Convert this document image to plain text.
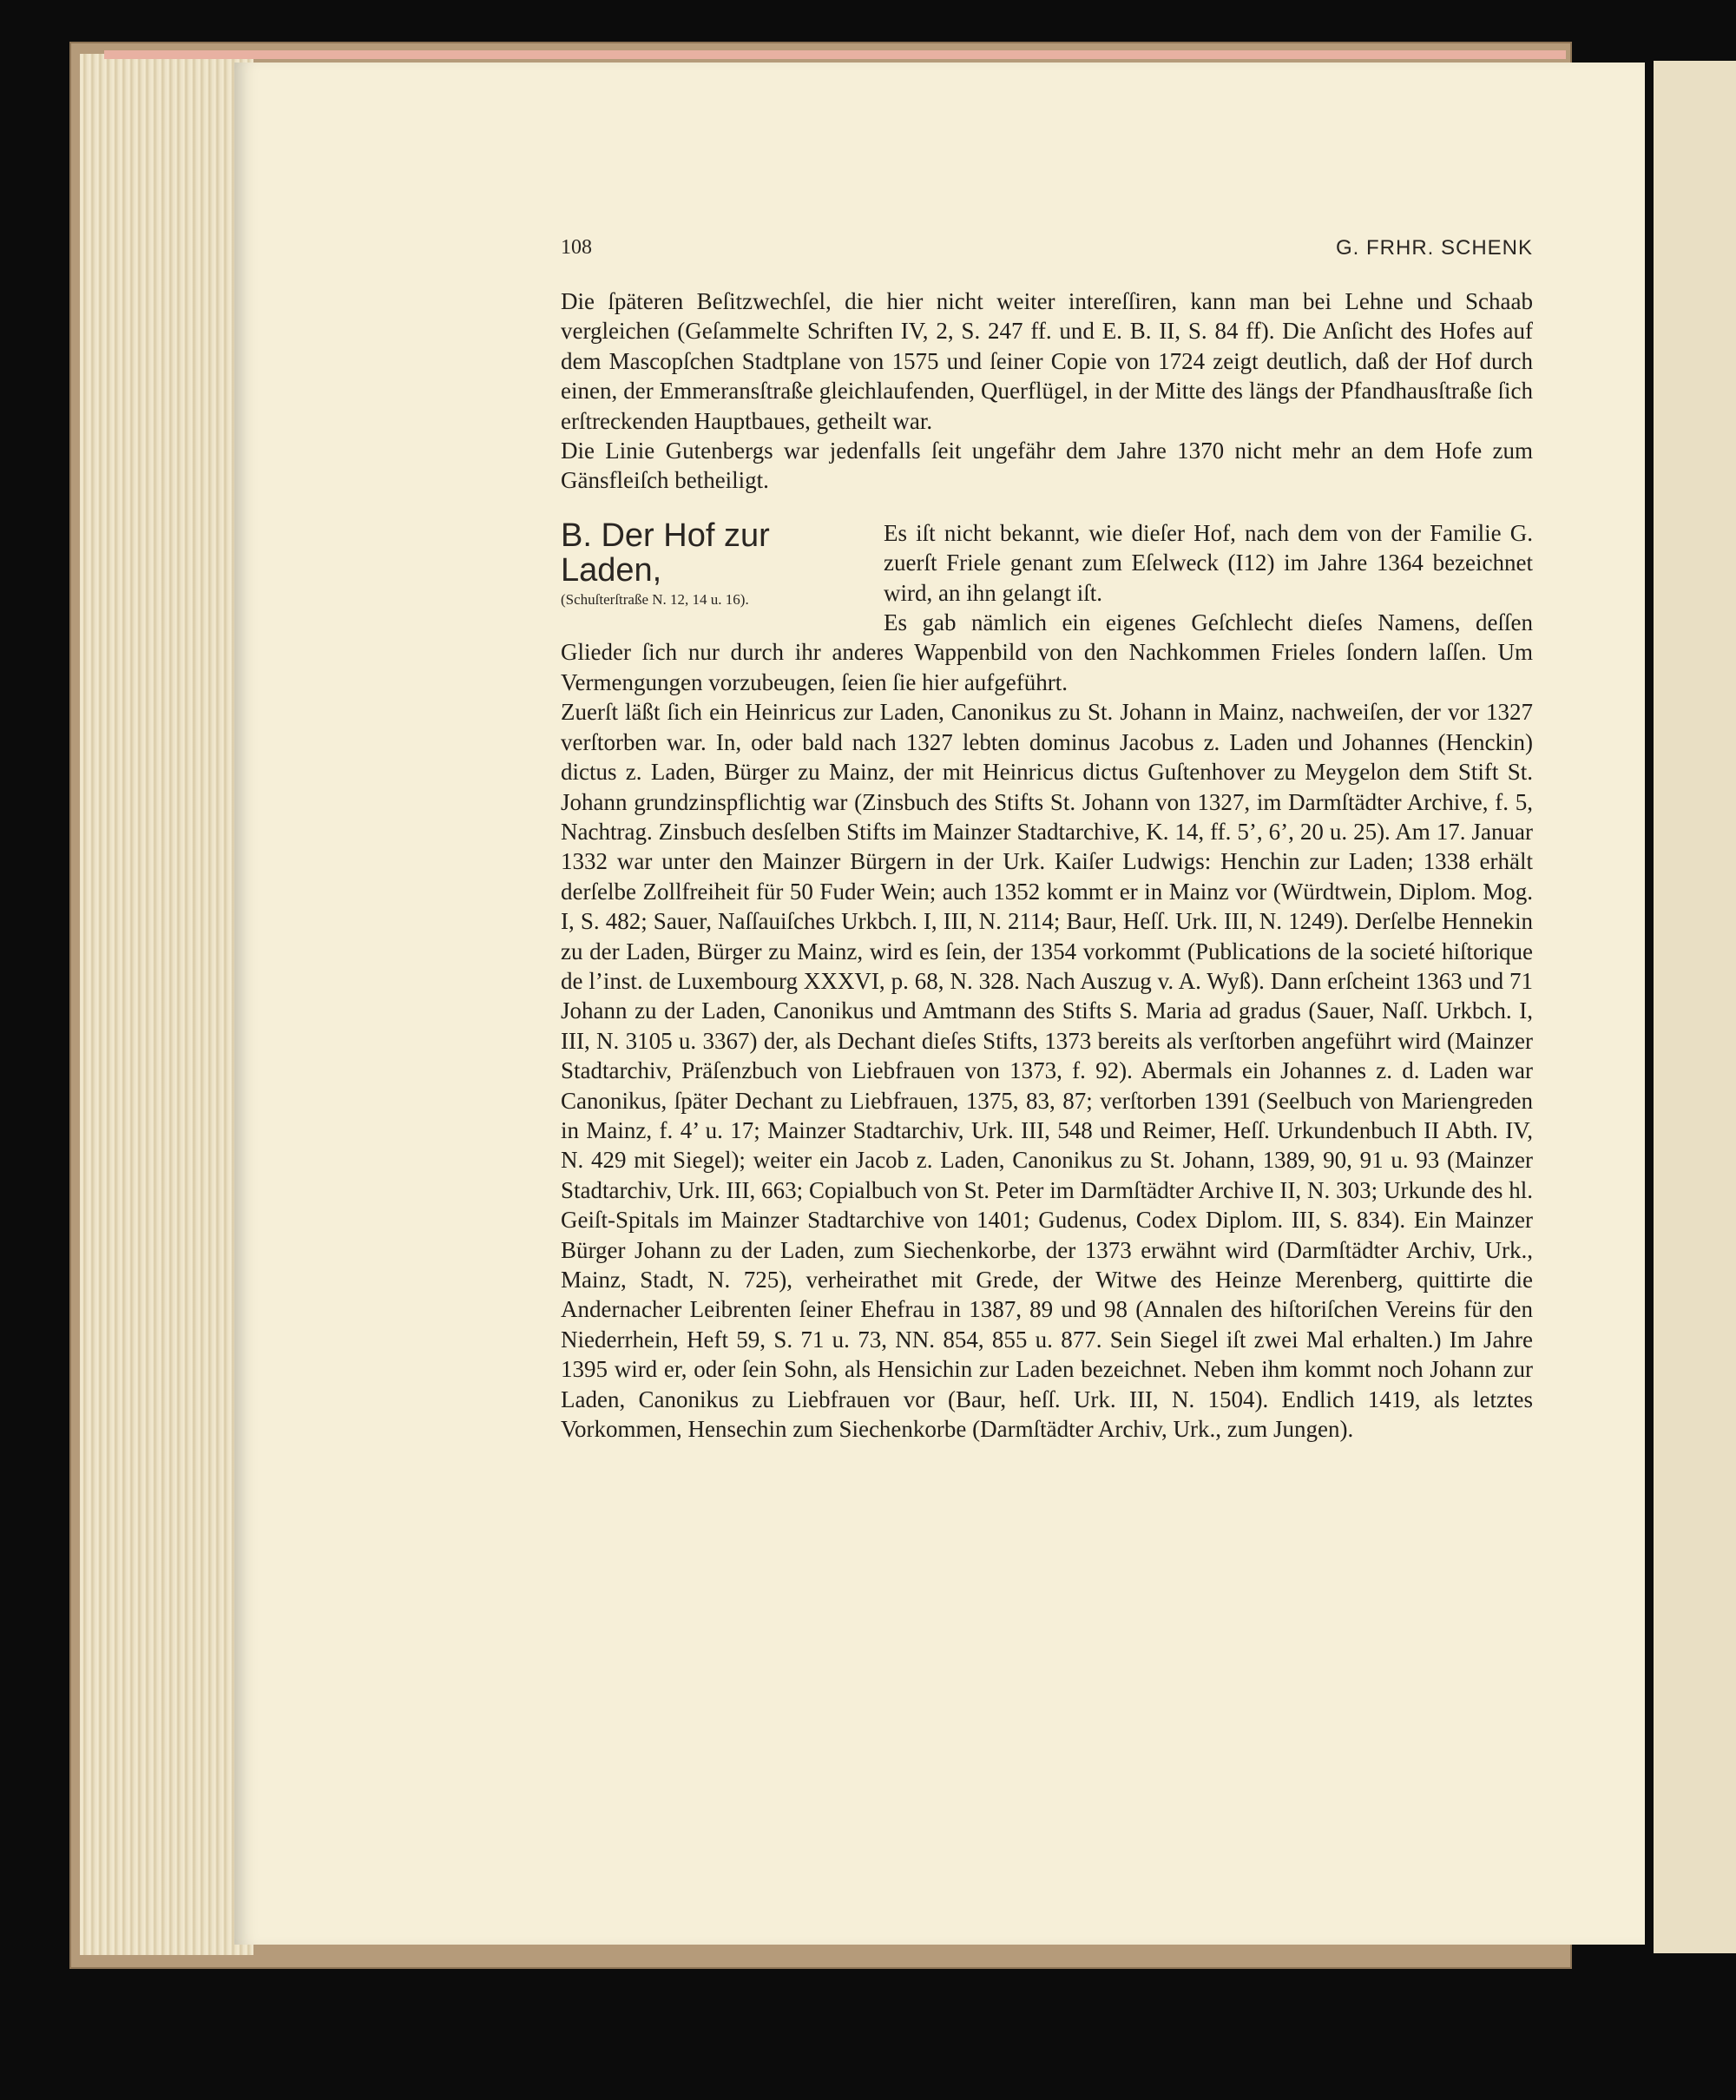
108	G. FRHR. SCHENK

Die ſpäteren Beſitzwechſel, die hier nicht weiter intereſſiren, kann man bei Lehne und Schaab vergleichen (Geſammelte Schriften IV, 2, S. 247 ff. und E. B. II, S. 84 ff). Die Anſicht des Hofes auf dem Mascopſchen Stadtplane von 1575 und ſeiner Copie von 1724 zeigt deutlich, daß der Hof durch einen, der Emmeransſtraße gleichlaufenden, Querflügel, in der Mitte des längs der Pfandhausſtraße ſich erſtreckenden Hauptbaues, getheilt war.

Die Linie Gutenbergs war jedenfalls ſeit ungefähr dem Jahre 1370 nicht mehr an dem Hofe zum Gänsfleiſch betheiligt.

B. Der Hof zur Laden,
(Schuſterſtraße N. 12, 14 u. 16).

Es iſt nicht bekannt, wie dieſer Hof, nach dem von der Familie G. zuerſt Friele genant zum Eſelweck (I12) im Jahre 1364 bezeichnet wird, an ihn gelangt iſt.

Es gab nämlich ein eigenes Geſchlecht dieſes Namens, deſſen Glieder ſich nur durch ihr anderes Wappenbild von den Nachkommen Frieles ſondern laſſen. Um Vermengungen vorzubeugen, ſeien ſie hier aufgeführt.

Zuerſt läßt ſich ein Heinricus zur Laden, Canonikus zu St. Johann in Mainz, nachweiſen, der vor 1327 verſtorben war. In, oder bald nach 1327 lebten dominus Jacobus z. Laden und Johannes (Henckin) dictus z. Laden, Bürger zu Mainz, der mit Heinricus dictus Guſtenhover zu Meygelon dem Stift St. Johann grundzinspflichtig war (Zinsbuch des Stifts St. Johann von 1327, im Darmſtädter Archive, f. 5, Nachtrag. Zinsbuch desſelben Stifts im Mainzer Stadtarchive, K. 14, ff. 5’, 6’, 20 u. 25). Am 17. Januar 1332 war unter den Mainzer Bürgern in der Urk. Kaiſer Ludwigs: Henchin zur Laden; 1338 erhält derſelbe Zollfreiheit für 50 Fuder Wein; auch 1352 kommt er in Mainz vor (Würdtwein, Diplom. Mog. I, S. 482; Sauer, Naſſauiſches Urkbch. I, III, N. 2114; Baur, Heſſ. Urk. III, N. 1249). Derſelbe Hennekin zu der Laden, Bürger zu Mainz, wird es ſein, der 1354 vorkommt (Publications de la societé hiſtorique de l’inst. de Luxembourg XXXVI, p. 68, N. 328. Nach Auszug v. A. Wyß). Dann erſcheint 1363 und 71 Johann zu der Laden, Canonikus und Amtmann des Stifts S. Maria ad gradus (Sauer, Naſſ. Urkbch. I, III, N. 3105 u. 3367) der, als Dechant dieſes Stifts, 1373 bereits als verſtorben angeführt wird (Mainzer Stadtarchiv, Präſenzbuch von Liebfrauen von 1373, f. 92). Abermals ein Johannes z. d. Laden war Canonikus, ſpäter Dechant zu Liebfrauen, 1375, 83, 87; verſtorben 1391 (Seelbuch von Mariengreden in Mainz, f. 4’ u. 17; Mainzer Stadtarchiv, Urk. III, 548 und Reimer, Heſſ. Urkundenbuch II Abth. IV, N. 429 mit Siegel); weiter ein Jacob z. Laden, Canonikus zu St. Johann, 1389, 90, 91 u. 93 (Mainzer Stadtarchiv, Urk. III, 663; Copialbuch von St. Peter im Darmſtädter Archive II, N. 303; Urkunde des hl. Geiſt-Spitals im Mainzer Stadtarchive von 1401; Gudenus, Codex Diplom. III, S. 834). Ein Mainzer Bürger Johann zu der Laden, zum Siechenkorbe, der 1373 erwähnt wird (Darmſtädter Archiv, Urk., Mainz, Stadt, N. 725), verheirathet mit Grede, der Witwe des Heinze Merenberg, quittirte die Andernacher Leibrenten ſeiner Ehefrau in 1387, 89 und 98 (Annalen des hiſtoriſchen Vereins für den Niederrhein, Heft 59, S. 71 u. 73, NN. 854, 855 u. 877. Sein Siegel iſt zwei Mal erhalten.) Im Jahre 1395 wird er, oder ſein Sohn, als Hensichin zur Laden bezeichnet. Neben ihm kommt noch Johann zur Laden, Canonikus zu Liebfrauen vor (Baur, heſſ. Urk. III, N. 1504). Endlich 1419, als letztes Vorkommen, Hensechin zum Siechenkorbe (Darmſtädter Archiv, Urk., zum Jungen).
